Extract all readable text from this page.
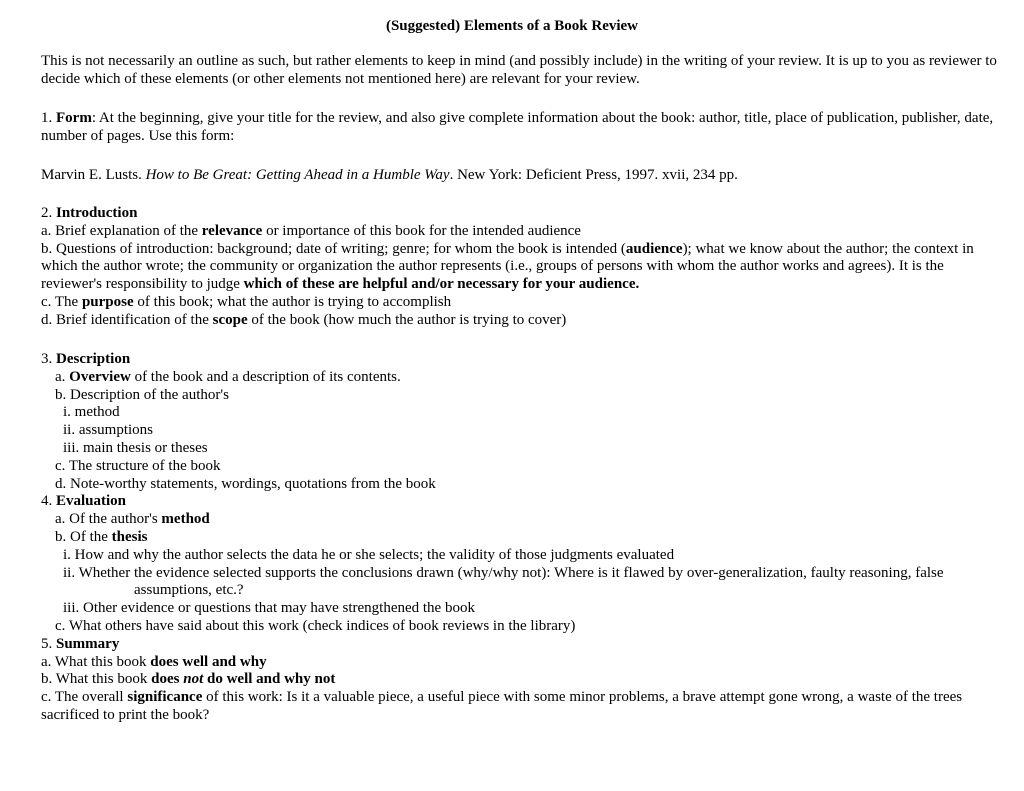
(Suggested) Elements of a Book Review
This is not necessarily an outline as such, but rather elements to keep in mind (and possibly include) in the writing of your review. It is up to you as reviewer to decide which of these elements (or other elements not mentioned here) are relevant for your review.
1. Form: At the beginning, give your title for the review, and also give complete information about the book: author, title, place of publication, publisher, date, number of pages. Use this form:
Marvin E. Lusts. How to Be Great: Getting Ahead in a Humble Way. New York: Deficient Press, 1997. xvii, 234 pp.
2. Introduction
a. Brief explanation of the relevance or importance of this book for the intended audience
b. Questions of introduction: background; date of writing; genre; for whom the book is intended (audience); what we know about the author; the context in which the author wrote; the community or organization the author represents (i.e., groups of persons with whom the author works and agrees). It is the reviewer's responsibility to judge which of these are helpful and/or necessary for your audience.
c. The purpose of this book; what the author is trying to accomplish
d. Brief identification of the scope of the book (how much the author is trying to cover)
3. Description
a. Overview of the book and a description of its contents.
b. Description of the author's
i. method
ii. assumptions
iii. main thesis or theses
c. The structure of the book
d. Note-worthy statements, wordings, quotations from the book
4. Evaluation
a. Of the author's method
b. Of the thesis
i. How and why the author selects the data he or she selects; the validity of those judgments evaluated
ii. Whether the evidence selected supports the conclusions drawn (why/why not): Where is it flawed by over-generalization, faulty reasoning, false
assumptions, etc.?
iii. Other evidence or questions that may have strengthened the book
c. What others have said about this work (check indices of book reviews in the library)
5. Summary
a. What this book does well and why
b. What this book does not do well and why not
c. The overall significance of this work: Is it a valuable piece, a useful piece with some minor problems, a brave attempt gone wrong, a waste of the trees sacrificed to print the book?
